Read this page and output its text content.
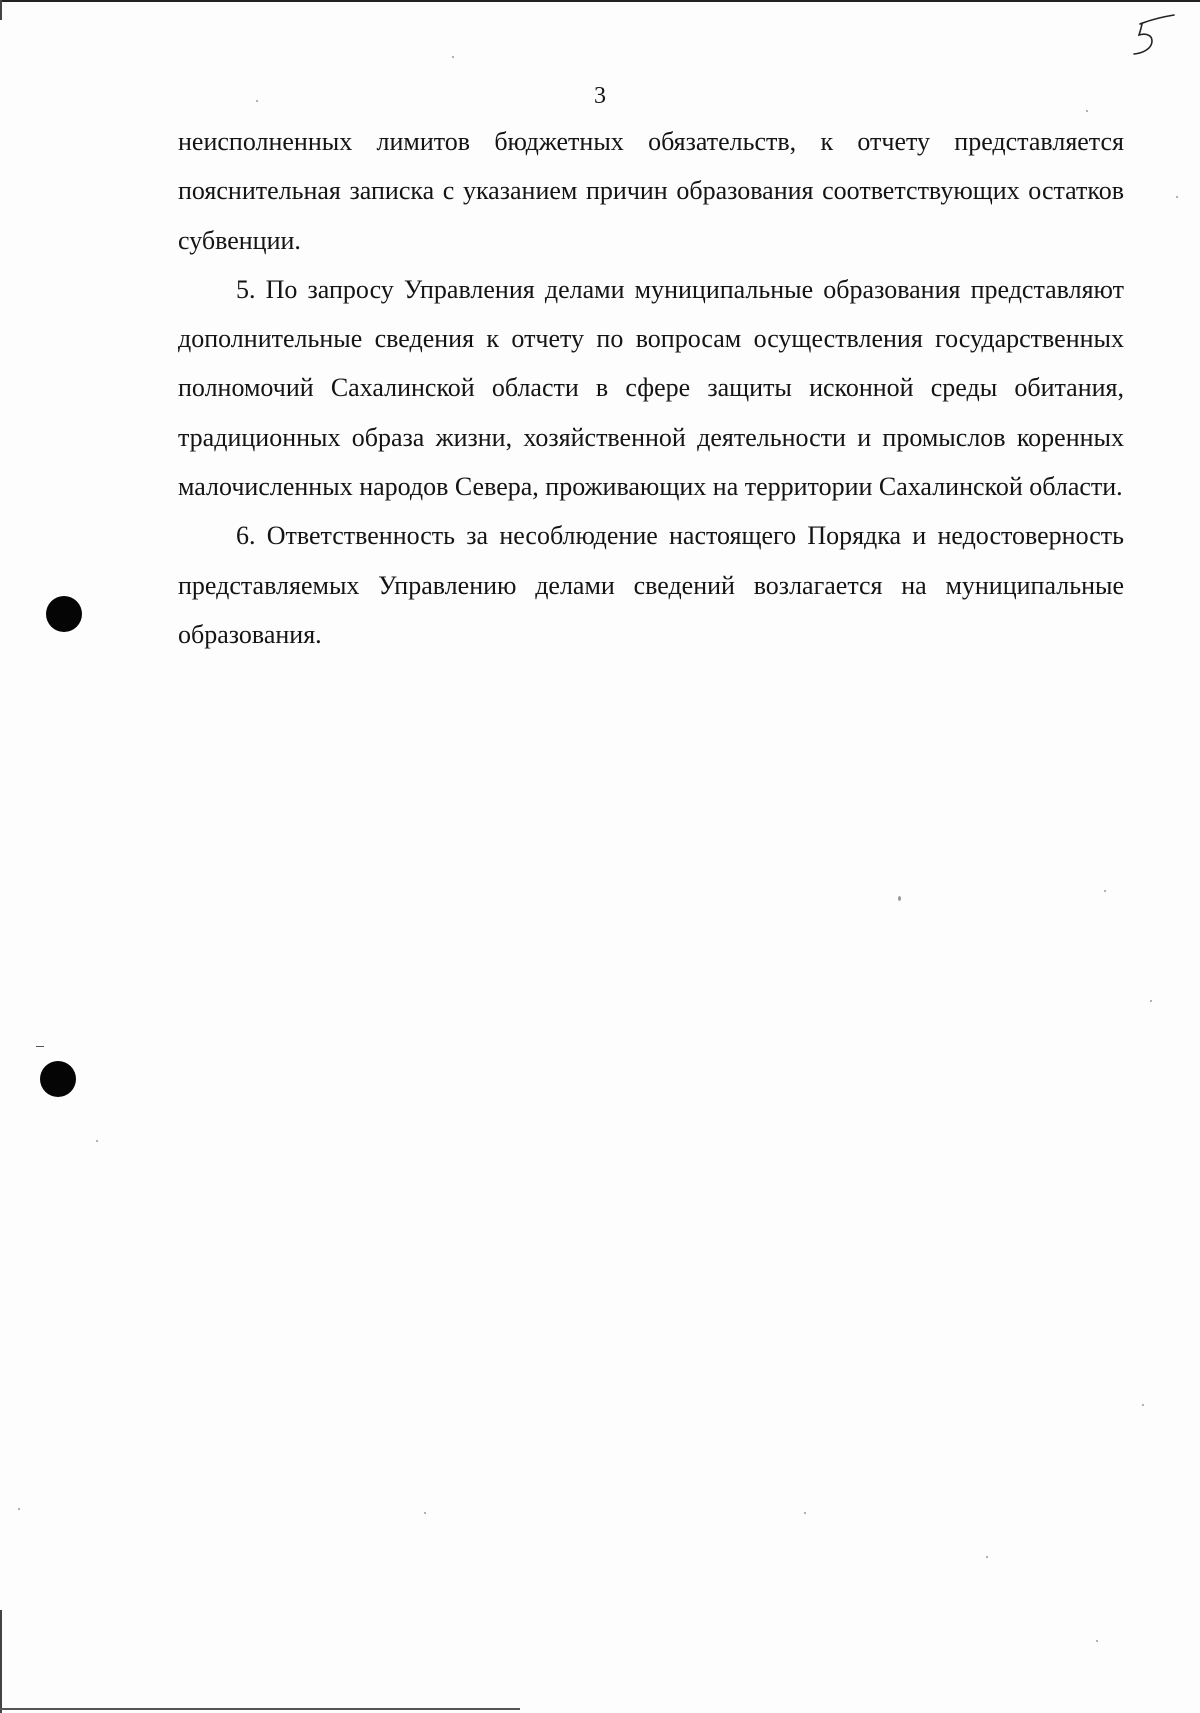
3

неисполненных лимитов бюджетных обязательств, к отчету представляется пояснительная записка с указанием причин образования соответствующих остатков субвенции.

5. По запросу Управления делами муниципальные образования представляют дополнительные сведения к отчету по вопросам осуществления государственных полномочий Сахалинской области в сфере защиты исконной среды обитания, традиционных образа жизни, хозяйственной деятельности и промыслов коренных малочисленных народов Севера, проживающих на территории Сахалинской области.

6. Ответственность за несоблюдение настоящего Порядка и недостоверность представляемых Управлению делами сведений возлагается на муниципальные образования.
